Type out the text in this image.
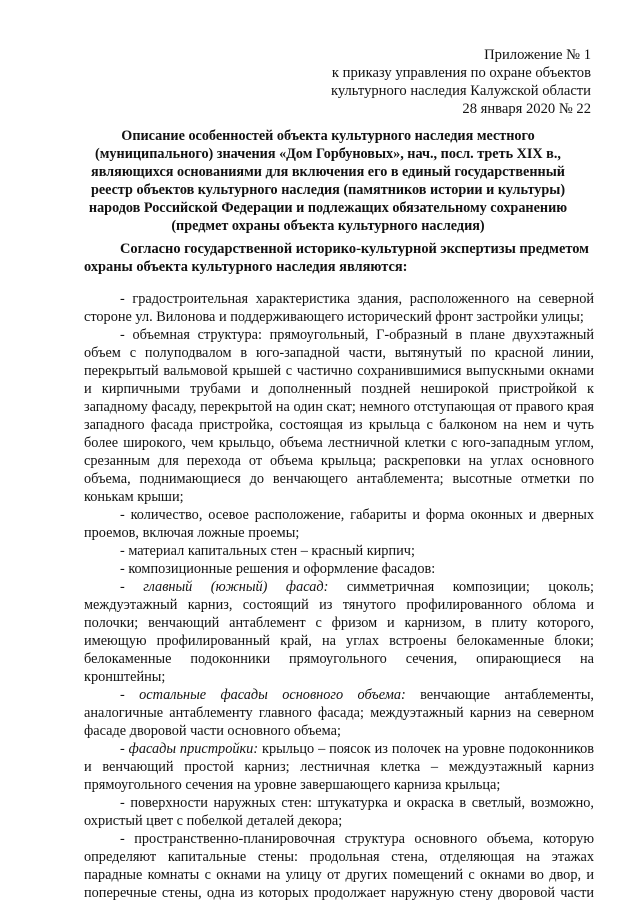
Приложение № 1
к приказу управления по охране объектов
культурного наследия Калужской области
28 января 2020 № 22
Описание особенностей объекта культурного наследия местного
(муниципального) значения «Дом Горбуновых», нач., посл. треть XIX в.,
являющихся основаниями для включения его в единый государственный
реестр объектов культурного наследия (памятников истории и культуры)
народов Российской Федерации и подлежащих обязательному сохранению
(предмет охраны объекта культурного наследия)
Согласно государственной историко-культурной экспертизы предметом
охраны объекта культурного наследия являются:

- градостроительная характеристика здания, расположенного на северной стороне ул. Вилонова и поддерживающего исторический фронт застройки улицы;

- объемная структура: прямоугольный, Г-образный в плане двухэтажный объем с полуподвалом в юго-западной части, вытянутый по красной линии, перекрытый вальмовой крышей с частично сохранившимися выпускными окнами и кирпичными трубами и дополненный поздней неширокой пристройкой к западному фасаду, перекрытой на один скат; немного отступающая от правого края западного фасада пристройка, состоящая из крыльца с балконом на нем и чуть более широкого, чем крыльцо, объема лестничной клетки с юго-западным углом, срезанным для перехода от объема крыльца; раскреповки на углах основного объема, поднимающиеся до венчающего антаблемента; высотные отметки по конькам крыши;

- количество, осевое расположение, габариты и форма оконных и дверных проемов, включая ложные проемы;

- материал капитальных стен – красный кирпич;

- композиционные решения и оформление фасадов:

- главный (южный) фасад: симметричная композиции; цоколь; междуэтажный карниз, состоящий из тянутого профилированного облома и полочки; венчающий антаблемент с фризом и карнизом, в плиту которого, имеющую профилированный край, на углах встроены белокаменные блоки; белокаменные подоконники прямоугольного сечения, опирающиеся на кронштейны;

- остальные фасады основного объема: венчающие антаблементы, аналогичные антаблементу главного фасада; междуэтажный карниз на северном фасаде дворовой части основного объема;

- фасады пристройки: крыльцо – поясок из полочек на уровне подоконников и венчающий простой карниз; лестничная клетка – междуэтажный карниз прямоугольного сечения на уровне завершающего карниза крыльца;

- поверхности наружных стен: штукатурка и окраска в светлый, возможно, охристый цвет с побелкой деталей декора;

- пространственно-планировочная структура основного объема, которую определяют капитальные стены: продольная стена, отделяющая на этажах парадные комнаты с окнами на улицу от других помещений с окнами во двор, и поперечные стены, одна из которых продолжает наружную стену дворовой части
